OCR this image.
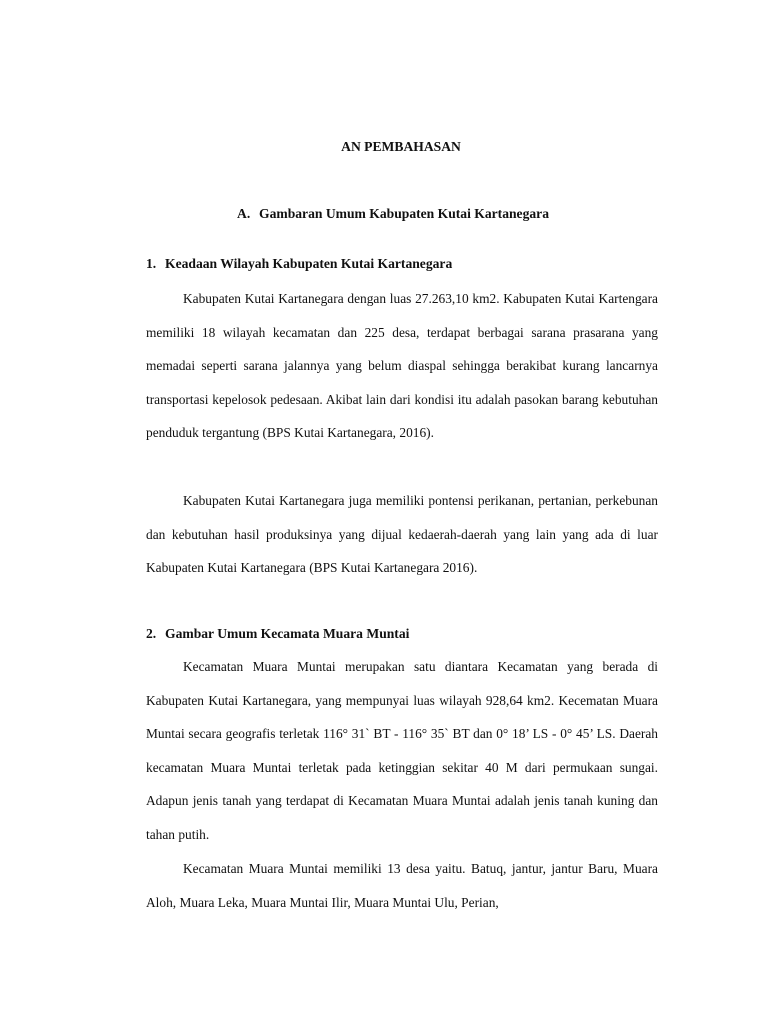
AN PEMBAHASAN
A. Gambaran Umum Kabupaten Kutai Kartanegara
1. Keadaan Wilayah Kabupaten Kutai Kartanegara

Kabupaten Kutai Kartanegara dengan luas 27.263,10 km2. Kabupaten Kutai Kartengara memiliki 18 wilayah kecamatan dan 225 desa, terdapat berbagai sarana prasarana yang memadai seperti sarana jalannya yang belum diaspal sehingga berakibat kurang lancarnya transportasi kepelosok pedesaan. Akibat lain dari kondisi itu adalah pasokan barang kebutuhan penduduk tergantung (BPS Kutai Kartanegara, 2016).

Kabupaten Kutai Kartanegara juga memiliki pontensi perikanan, pertanian, perkebunan dan kebutuhan hasil produksinya yang dijual kedaerah-daerah yang lain yang ada di luar Kabupaten Kutai Kartanegara (BPS Kutai Kartanegara 2016).

2. Gambar Umum Kecamata Muara Muntai

Kecamatan Muara Muntai merupakan satu diantara Kecamatan yang berada di Kabupaten Kutai Kartanegara, yang mempunyai luas wilayah 928,64 km2. Kecematan Muara Muntai secara geografis terletak 116° 31` BT - 116° 35` BT dan 0° 18’ LS - 0° 45’ LS. Daerah kecamatan Muara Muntai terletak pada ketinggian sekitar 40 M dari permukaan sungai. Adapun jenis tanah yang terdapat di Kecamatan Muara Muntai adalah jenis tanah kuning dan tahan putih.

Kecamatan Muara Muntai memiliki 13 desa yaitu. Batuq, jantur, jantur Baru, Muara Aloh, Muara Leka, Muara Muntai Ilir, Muara Muntai Ulu, Perian,
